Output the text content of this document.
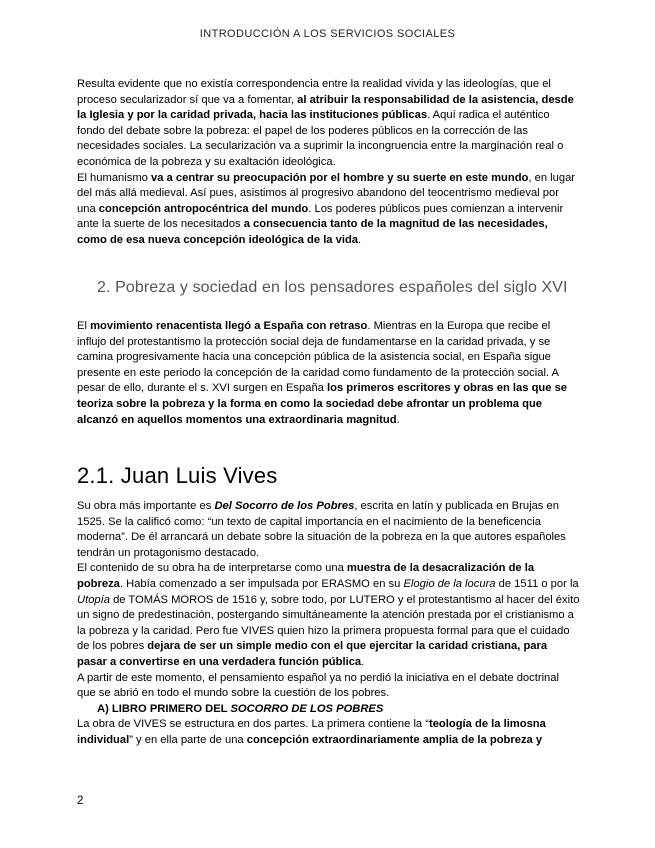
INTRODUCCIÓN A LOS SERVICIOS SOCIALES

Resulta evidente que no existía correspondencia entre la realidad vivida y las ideologías, que el proceso secularizador sí que va a fomentar, al atribuir la responsabilidad de la asistencia, desde la Iglesia y por la caridad privada, hacia las instituciones públicas. Aquí radica el auténtico fondo del debate sobre la pobreza: el papel de los poderes públicos en la corrección de las necesidades sociales. La secularización va a suprimir la incongruencia entre la marginación real o económica de la pobreza y su exaltación ideológica.

El humanismo va a centrar su preocupación por el hombre y su suerte en este mundo, en lugar del más allá medieval. Así pues, asistimos al progresivo abandono del teocentrismo medieval por una concepción antropocéntrica del mundo. Los poderes públicos pues comienzan a intervenir ante la suerte de los necesitados a consecuencia tanto de la magnitud de las necesidades, como de esa nueva concepción ideológica de la vida.

2. Pobreza y sociedad en los pensadores españoles del siglo XVI

El movimiento renacentista llegó a España con retraso. Mientras en la Europa que recibe el influjo del protestantismo la protección social deja de fundamentarse en la caridad privada, y se camina progresivamente hacia una concepción pública de la asistencia social, en España sigue presente en este periodo la concepción de la caridad como fundamento de la protección social. A pesar de ello, durante el s. XVI surgen en España los primeros escritores y obras en las que se teoriza sobre la pobreza y la forma en como la sociedad debe afrontar un problema que alcanzó en aquellos momentos una extraordinaria magnitud.

2.1. Juan Luis Vives

Su obra más importante es Del Socorro de los Pobres, escrita en latín y publicada en Brujas en 1525. Se la calificó como: “un texto de capital importancia en el nacimiento de la beneficencia moderna”. De él arrancará un debate sobre la situación de la pobreza en la que autores españoles tendrán un protagonismo destacado.

El contenido de su obra ha de interpretarse como una muestra de la desacralización de la pobreza. Había comenzado a ser impulsada por ERASMO en su Elogio de la locura de 1511 o por la Utopía de TOMÁS MOROS de 1516 y, sobre todo, por LUTERO y el protestantismo al hacer del éxito un signo de predestinación, postergando simultáneamente la atención prestada por el cristianismo a la pobreza y la caridad. Pero fue VIVES quien hizo la primera propuesta formal para que el cuidado de los pobres dejara de ser un simple medio con el que ejercitar la caridad cristiana, para pasar a convertirse en una verdadera función pública.

A partir de este momento, el pensamiento español ya no perdió la iniciativa en el debate doctrinal que se abrió en todo el mundo sobre la cuestión de los pobres.

A) LIBRO PRIMERO DEL SOCORRO DE LOS POBRES

La obra de VIVES se estructura en dos partes. La primera contiene la “teología de la limosna individual” y en ella parte de una concepción extraordinariamente amplia de la pobreza y

2
